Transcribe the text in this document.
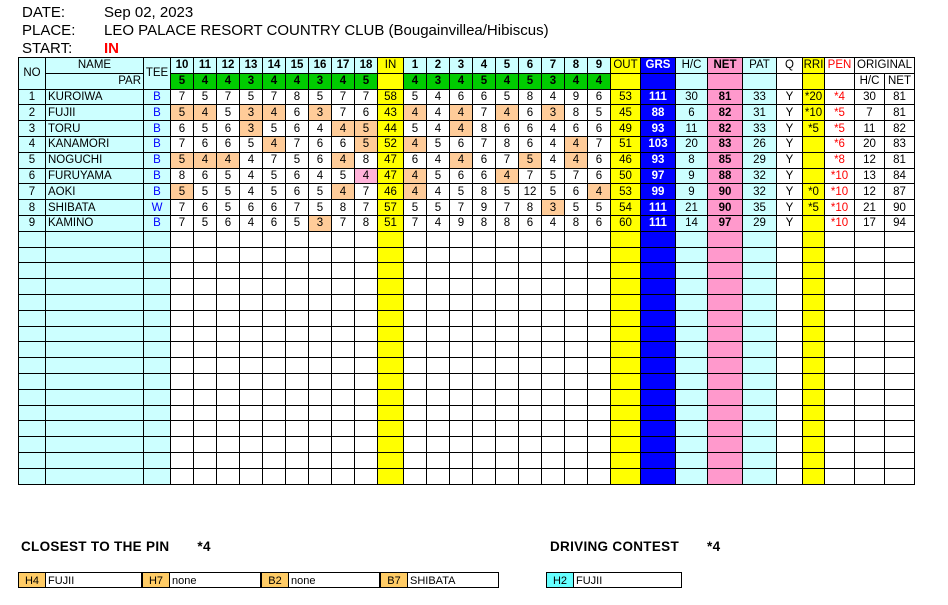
DATE:	Sep 02, 2023
PLACE: LEO PALACE RESORT COUNTRY CLUB (Bougainvillea/Hibiscus)
START: IN
NO	NAME	TEE	10	11	12	13	14	15	16	17	18	IN	1	2	3	4	5	6	7	8	9	OUT	GRS	H/C	NET	PAT	Q	RRI	PEN	ORIGINAL	
	PAR		5	4	4	3	4	4	3	4	5		4	3	4	5	4	5	3	4	4									H/C	NET
1	KUROIWA	B	7	5	7	5	7	8	5	7	7	58	5	4	6	6	5	8	4	9	6	53	111	30	81	33	Y	*20	*4	30	81
2	FUJII	B	5	4	5	3	4	6	3	7	6	43	4	4	4	7	4	6	3	8	5	45	88	6	82	31	Y	*10	*5	7	81
3	TORU	B	6	5	6	3	5	6	4	4	5	44	5	4	4	8	6	6	4	6	6	49	93	11	82	33	Y	*5	*5	11	82
4	KANAMORI	B	7	6	6	5	4	7	6	6	5	52	4	5	6	7	8	6	4	4	7	51	103	20	83	26	Y		*6	20	83
5	NOGUCHI	B	5	4	4	4	7	5	6	4	8	47	6	4	4	6	7	5	4	4	6	46	93	8	85	29	Y		*8	12	81
6	FURUYAMA	B	8	6	5	4	5	6	4	5	4	47	4	5	6	6	4	7	5	7	6	50	97	9	88	32	Y		*10	13	84
7	AOKI	B	5	5	5	4	5	6	5	4	7	46	4	4	5	8	5	12	5	6	4	53	99	9	90	32	Y	*0	*10	12	87
8	SHIBATA	W	7	6	5	6	6	7	5	8	7	57	5	5	7	9	7	8	3	5	5	54	111	21	90	35	Y	*5	*10	21	90
9	KAMINO	B	7	5	6	4	6	5	3	7	8	51	7	4	9	8	8	6	4	8	6	60	111	14	97	29	Y		*10	17	94

CLOSEST TO THE PIN *4	DRIVING CONTEST *4
H4 FUJII	H7 none	B2 none	B7 SHIBATA	H2 FUJII
